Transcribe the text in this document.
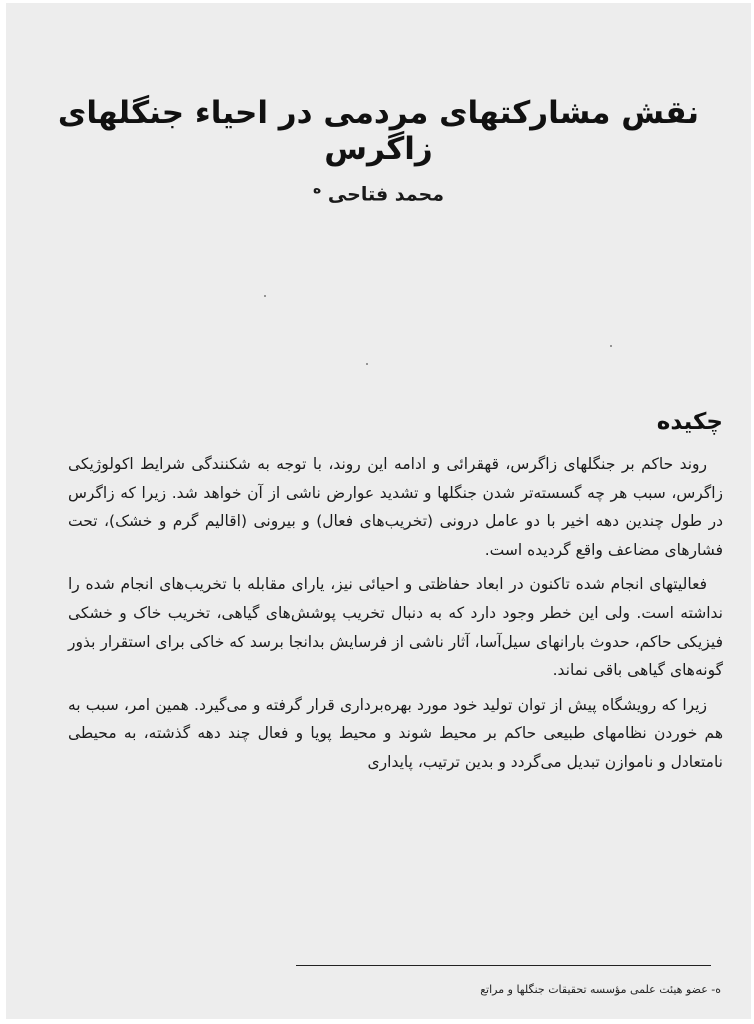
نقش مشارکتهای مردمی در احیاء جنگلهای زاگرس
محمد فتاحی $^ه$
چکیده

روند حاکم بر جنگلهای زاگرس، قهقرائی و ادامه این روند، با توجه به شکنندگی شرایط اکولوژیکی زاگرس، سبب هر چه گسسته‌تر شدن جنگلها و تشدید عوارض ناشی از آن خواهد شد. زیرا که زاگرس در طول چندین دهه اخیر با دو عامل درونی (تخریب‌های فعال) و بیرونی (اقالیم گرم و خشک)، تحت فشارهای مضاعف واقع گردیده است.

فعالیتهای انجام شده تاکنون در ابعاد حفاظتی و احیائی نیز، یارای مقابله با تخریب‌های انجام شده را نداشته است. ولی این خطر وجود دارد که به دنبال تخریب پوشش‌های گیاهی، تخریب خاک و خشکی فیزیکی حاکم، حدوث بارانهای سیل‌آسا، آثار ناشی از فرسایش بدانجا برسد که خاکی برای استقرار بذور گونه‌های گیاهی باقی نماند.

زیرا که رویشگاه پیش از توان تولید خود مورد بهره‌برداری قرار گرفته و می‌گیرد. همین امر، سبب به هم خوردن نظامهای طبیعی حاکم بر محیط شوند و محیط پویا و فعال چند دهه گذشته، به محیطی نامتعادل و ناموازن تبدیل می‌گردد و بدین ترتیب، پایداری

ه- عضو هیئت علمی مؤسسه تحقیقات جنگلها و مراتع
